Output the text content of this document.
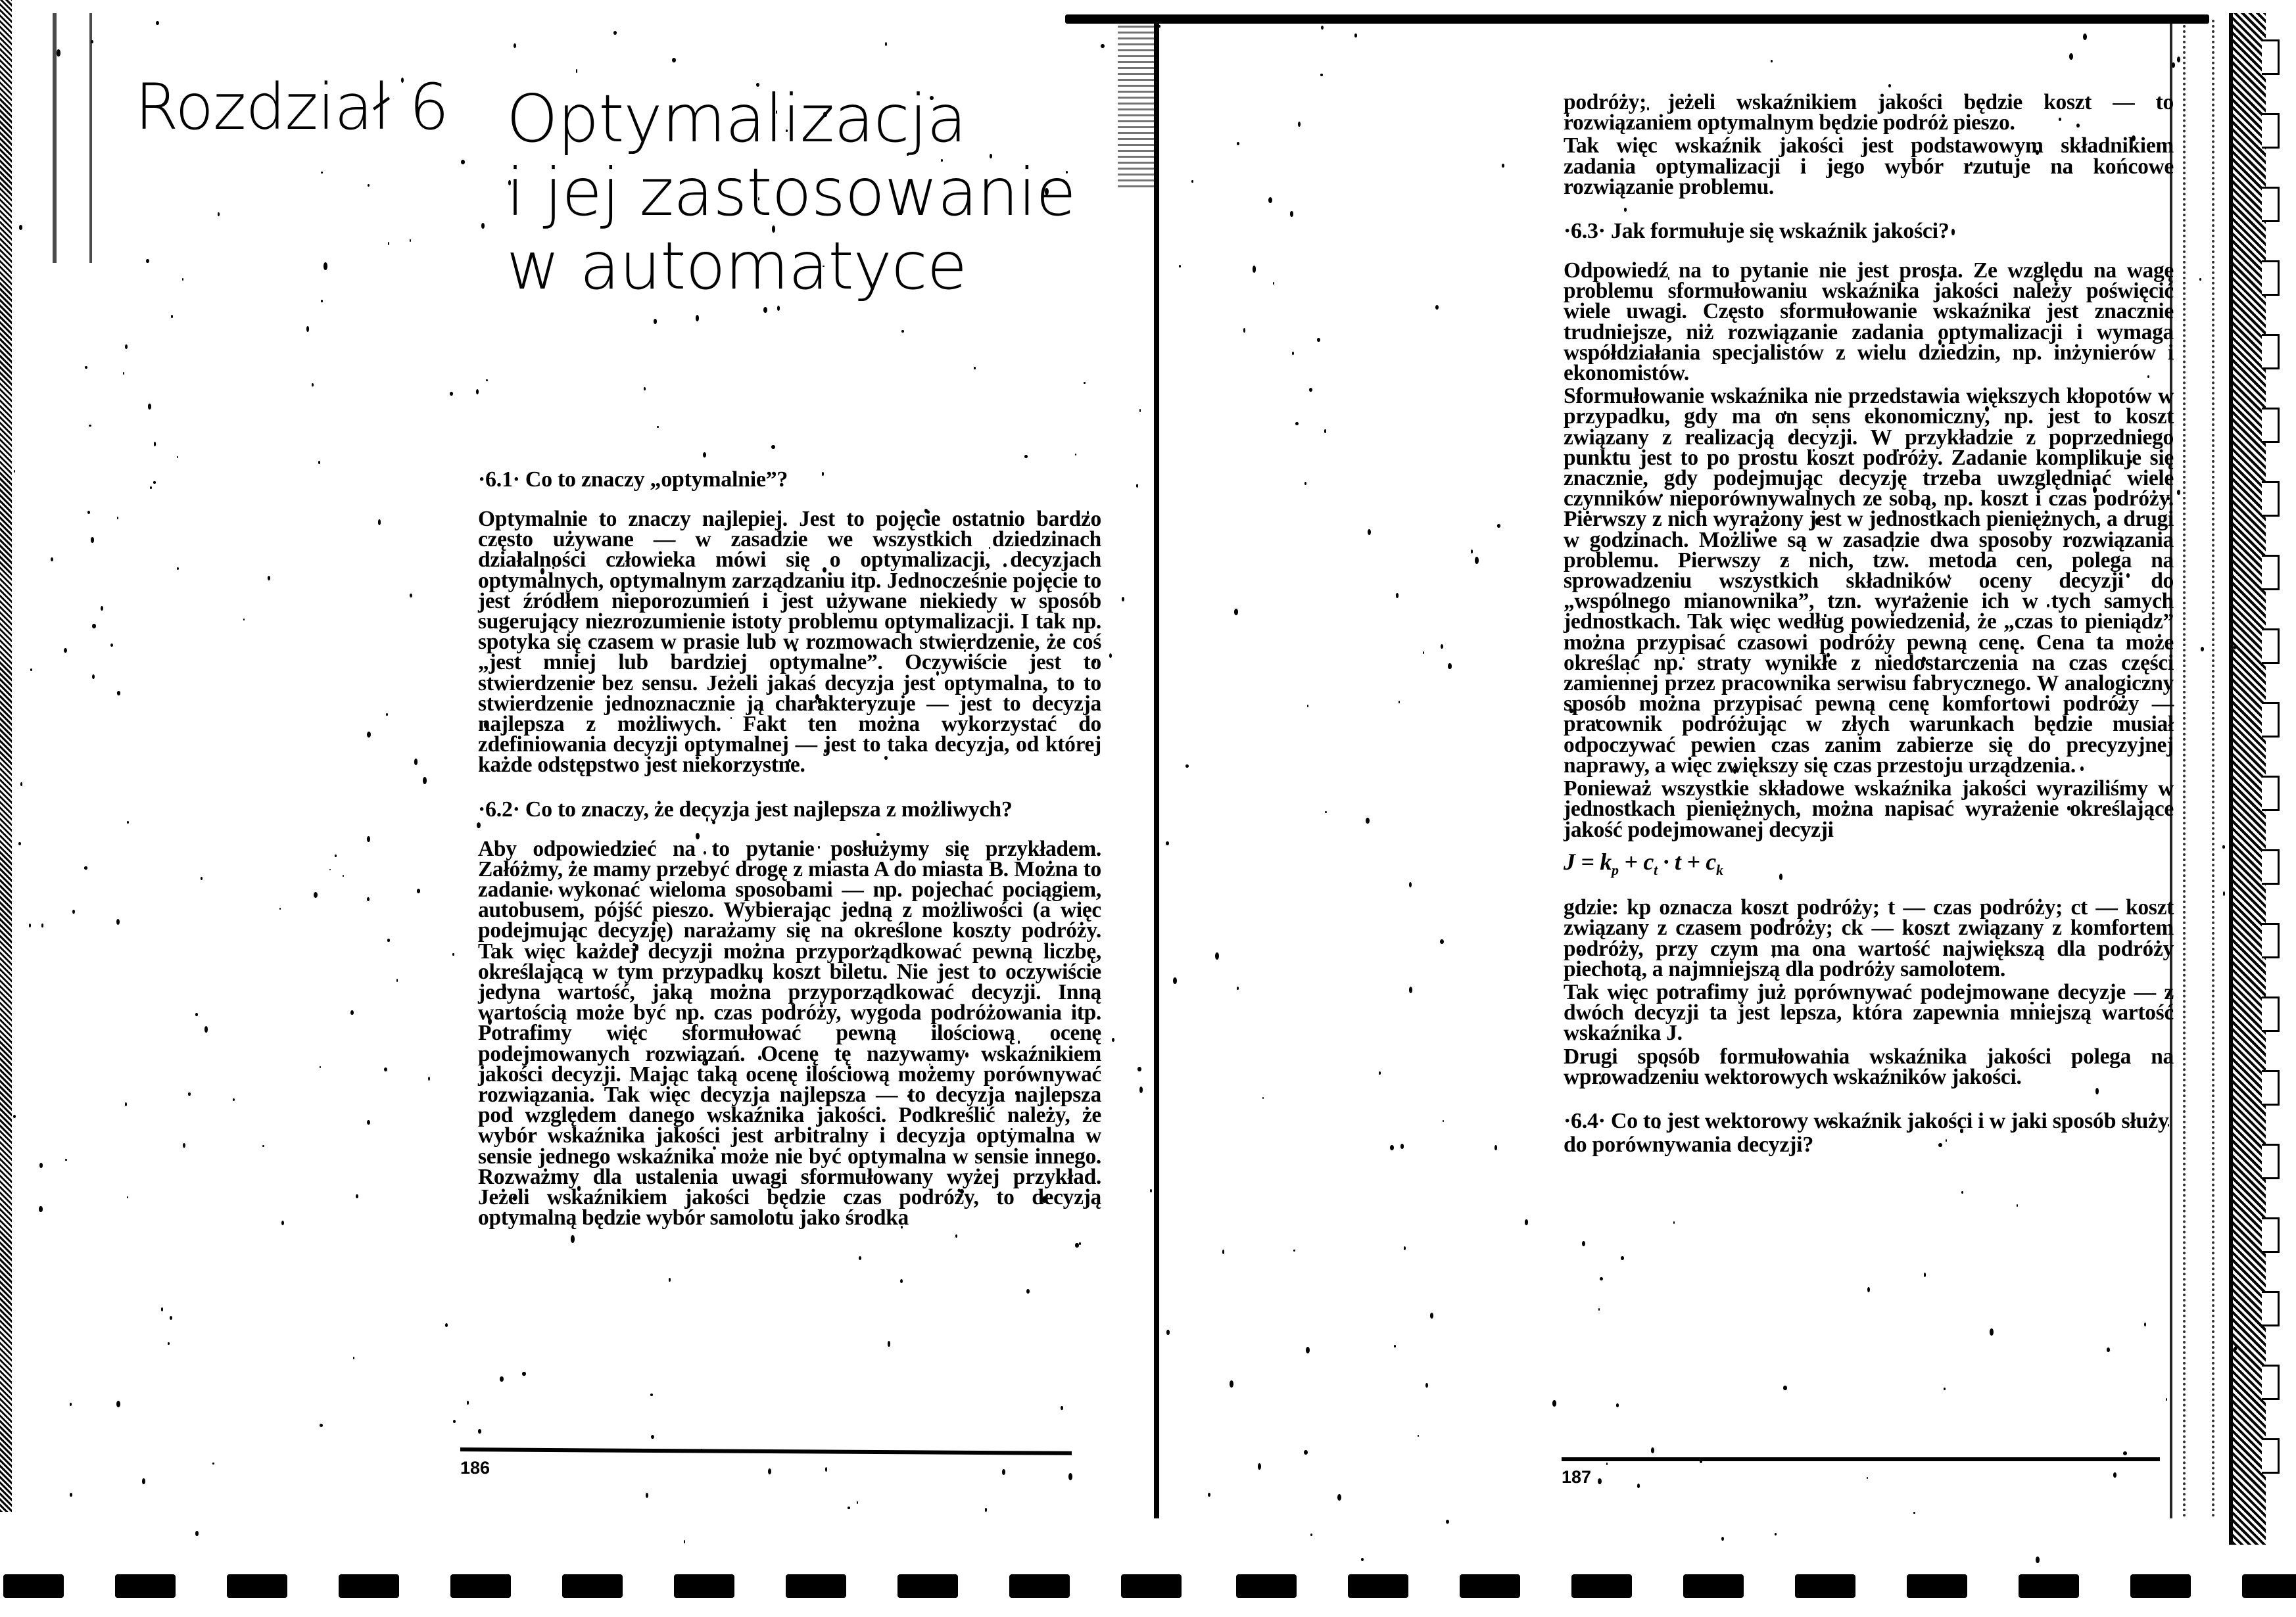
Rozdział 6 Optymalizacja
i jej zastosowanie
w automatyce
·6.1· Co to znaczy „optymalnie”?

Optymalnie to znaczy najlepiej. Jest to pojęcie ostatnio bardzo często używane — w zasadzie we wszystkich dziedzinach działalności człowieka mówi się o optymalizacji, decyzjach optymalnych, optymalnym zarządzaniu itp. Jednocześnie pojęcie to jest źródłem nieporozumień i jest używane niekiedy w sposób sugerujący niezrozumienie istoty problemu optymalizacji. I tak np. spotyka się czasem w prasie lub w rozmowach stwierdzenie, że coś „jest mniej lub bardziej optymalne”. Oczywiście jest to stwierdzenie bez sensu. Jeżeli jakaś decyzja jest optymalna, to to stwierdzenie jednoznacznie ją charakteryzuje — jest to decyzja najlepsza z możliwych. Fakt ten można wykorzystać do zdefiniowania decyzji optymalnej — jest to taka decyzja, od której każde odstępstwo jest niekorzystne.

·6.2· Co to znaczy, że decyzja jest najlepsza z możliwych?

Aby odpowiedzieć na to pytanie posłużymy się przykładem. Załóżmy, że mamy przebyć drogę z miasta A do miasta B. Można to zadanie wykonać wieloma sposobami — np. pojechać pociągiem, autobusem, pójść pieszo. Wybierając jedną z możliwości (a więc podejmując decyzję) narażamy się na określone koszty podróży. Tak więc każdej decyzji można przyporządkować pewną liczbę, określającą w tym przypadku koszt biletu. Nie jest to oczywiście jedyna wartość, jaką można przyporządkować decyzji. Inną wartością może być np. czas podróży, wygoda podróżowania itp. Potrafimy więc sformułować pewną ilościową ocenę podejmowanych rozwiązań. Ocenę tę nazywamy wskaźnikiem jakości decyzji. Mając taką ocenę ilościową możemy porównywać rozwiązania. Tak więc decyzja najlepsza — to decyzja najlepsza pod względem danego wskaźnika jakości. Podkreślić należy, że wybór wskaźnika jakości jest arbitralny i decyzja optymalna w sensie jednego wskaźnika może nie być optymalna w sensie innego. Rozważmy dla ustalenia uwagi sformułowany wyżej przykład. Jeżeli wskaźnikiem jakości będzie czas podróży, to decyzją optymalną będzie wybór samolotu jako środka

186

podróży; jeżeli wskaźnikiem jakości będzie koszt — to rozwiązaniem optymalnym będzie podróż pieszo.

Tak więc wskaźnik jakości jest podstawowym składnikiem zadania optymalizacji i jego wybór rzutuje na końcowe rozwiązanie problemu.

·6.3· Jak formułuje się wskaźnik jakości?

Odpowiedź na to pytanie nie jest prosta. Ze względu na wagę problemu sformułowaniu wskaźnika jakości należy poświęcić wiele uwagi. Często sformułowanie wskaźnika jest znacznie trudniejsze, niż rozwiązanie zadania optymalizacji i wymaga współdziałania specjalistów z wielu dziedzin, np. inżynierów i ekonomistów.

Sformułowanie wskaźnika nie przedstawia większych kłopotów w przypadku, gdy ma on sens ekonomiczny, np. jest to koszt związany z realizacją decyzji. W przykładzie z poprzedniego punktu jest to po prostu koszt podróży. Zadanie komplikuje się znacznie, gdy podejmując decyzję trzeba uwzględniać wiele czynników nieporównywalnych ze sobą, np. koszt i czas podróży. Pierwszy z nich wyrażony jest w jednostkach pieniężnych, a drugi w godzinach. Możliwe są w zasadzie dwa sposoby rozwiązania problemu. Pierwszy z nich, tzw. metoda cen, polega na sprowadzeniu wszystkich składników oceny decyzji do „wspólnego mianownika”, tzn. wyrażenie ich w tych samych jednostkach. Tak więc według powiedzenia, że „czas to pieniądz” można przypisać czasowi podróży pewną cenę. Cena ta może określać np. straty wynikłe z niedostarczenia na czas części zamiennej przez pracownika serwisu fabrycznego. W analogiczny sposób można przypisać pewną cenę komfortowi podróży — pracownik podróżując w złych warunkach będzie musiał odpoczywać pewien czas zanim zabierze się do precyzyjnej naprawy, a więc zwiększy się czas przestoju urządzenia.

Ponieważ wszystkie składowe wskaźnika jakości wyraziliśmy w jednostkach pieniężnych, można napisać wyrażenie określające jakość podejmowanej decyzji

$J = k_p + c_t \cdot t + c_k$

gdzie: kp oznacza koszt podróży; t — czas podróży; ct — koszt związany z czasem podróży; ck — koszt związany z komfortem podróży, przy czym ma ona wartość największą dla podróży piechotą, a najmniejszą dla podróży samolotem.

Tak więc potrafimy już porównywać podejmowane decyzje — z dwóch decyzji ta jest lepsza, która zapewnia mniejszą wartość wskaźnika J.

Drugi sposób formułowania wskaźnika jakości polega na wprowadzeniu wektorowych wskaźników jakości.

·6.4· Co to jest wektorowy wskaźnik jakości i w jaki sposób służy do porównywania decyzji?
187
